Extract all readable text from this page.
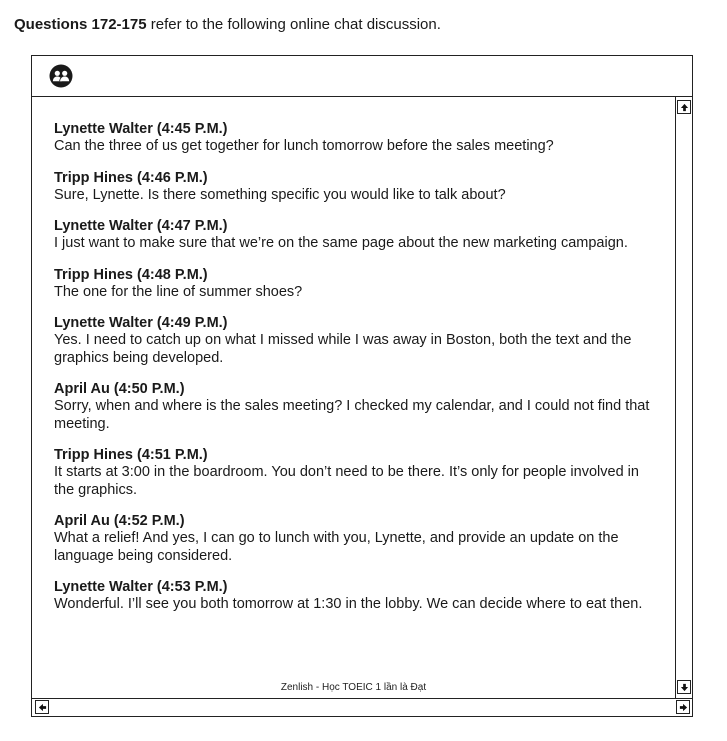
Questions 172-175 refer to the following online chat discussion.
Lynette Walter (4:45 P.M.)
Can the three of us get together for lunch tomorrow before the sales meeting?
Tripp Hines (4:46 P.M.)
Sure, Lynette. Is there something specific you would like to talk about?
Lynette Walter (4:47 P.M.)
I just want to make sure that we’re on the same page about the new marketing campaign.
Tripp Hines (4:48 P.M.)
The one for the line of summer shoes?
Lynette Walter (4:49 P.M.)
Yes. I need to catch up on what I missed while I was away in Boston, both the text and the graphics being developed.
April Au (4:50 P.M.)
Sorry, when and where is the sales meeting? I checked my calendar, and I could not find that meeting.
Tripp Hines (4:51 P.M.)
It starts at 3:00 in the boardroom. You don’t need to be there. It’s only for people involved in the graphics.
April Au (4:52 P.M.)
What a relief! And yes, I can go to lunch with you, Lynette, and provide an update on the language being considered.
Lynette Walter (4:53 P.M.)
Wonderful. I’ll see you both tomorrow at 1:30 in the lobby. We can decide where to eat then.
Zenlish - Học TOEIC 1 lần là Đạt
